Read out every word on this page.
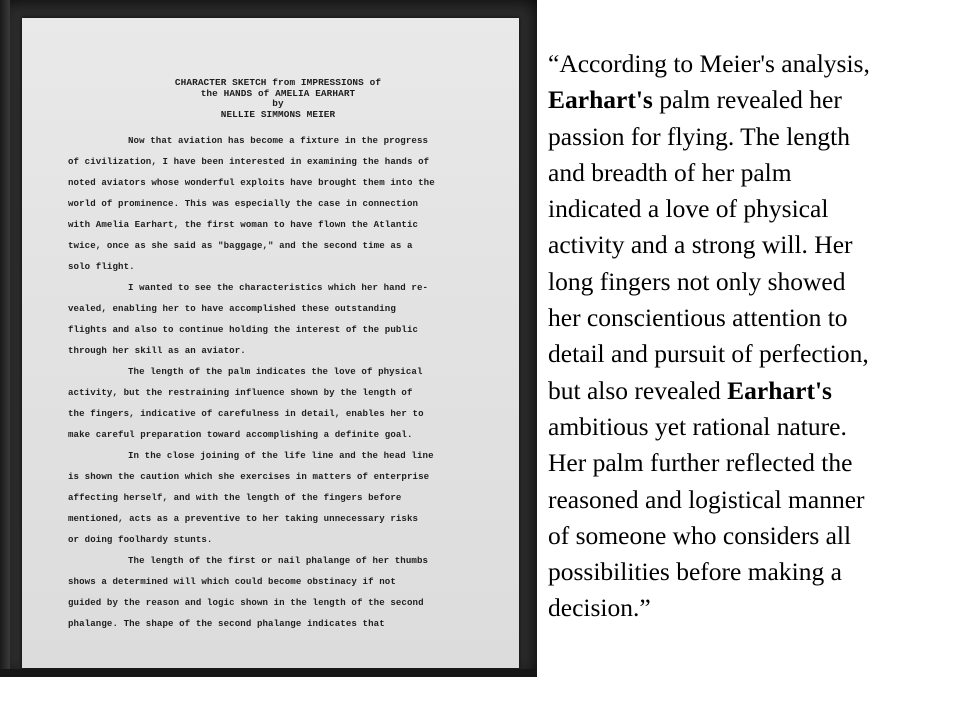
CHARACTER SKETCH from IMPRESSIONS of
the HANDS of AMELIA EARHART
by
NELLIE SIMMONS MEIER
Now that aviation has become a fixture in the progress
of civilization, I have been interested in examining the hands of
noted aviators whose wonderful exploits have brought them into the
world of prominence. This was especially the case in connection
with Amelia Earhart, the first woman to have flown the Atlantic
twice, once as she said as "baggage," and the second time as a
solo flight.
I wanted to see the characteristics which her hand re-
vealed, enabling her to have accomplished these outstanding
flights and also to continue holding the interest of the public
through her skill as an aviator.
The length of the palm indicates the love of physical
activity, but the restraining influence shown by the length of
the fingers, indicative of carefulness in detail, enables her to
make careful preparation toward accomplishing a definite goal.
In the close joining of the life line and the head line
is shown the caution which she exercises in matters of enterprise
affecting herself, and with the length of the fingers before
mentioned, acts as a preventive to her taking unnecessary risks
or doing foolhardy stunts.
The length of the first or nail phalange of her thumbs
shows a determined will which could become obstinacy if not
guided by the reason and logic shown in the length of the second
phalange. The shape of the second phalange indicates that
“According to Meier's analysis,
Earhart's palm revealed her
passion for flying. The length
and breadth of her palm
indicated a love of physical
activity and a strong will. Her
long fingers not only showed
her conscientious attention to
detail and pursuit of perfection,
but also revealed Earhart's
ambitious yet rational nature.
Her palm further reflected the
reasoned and logistical manner
of someone who considers all
possibilities before making a
decision.”
